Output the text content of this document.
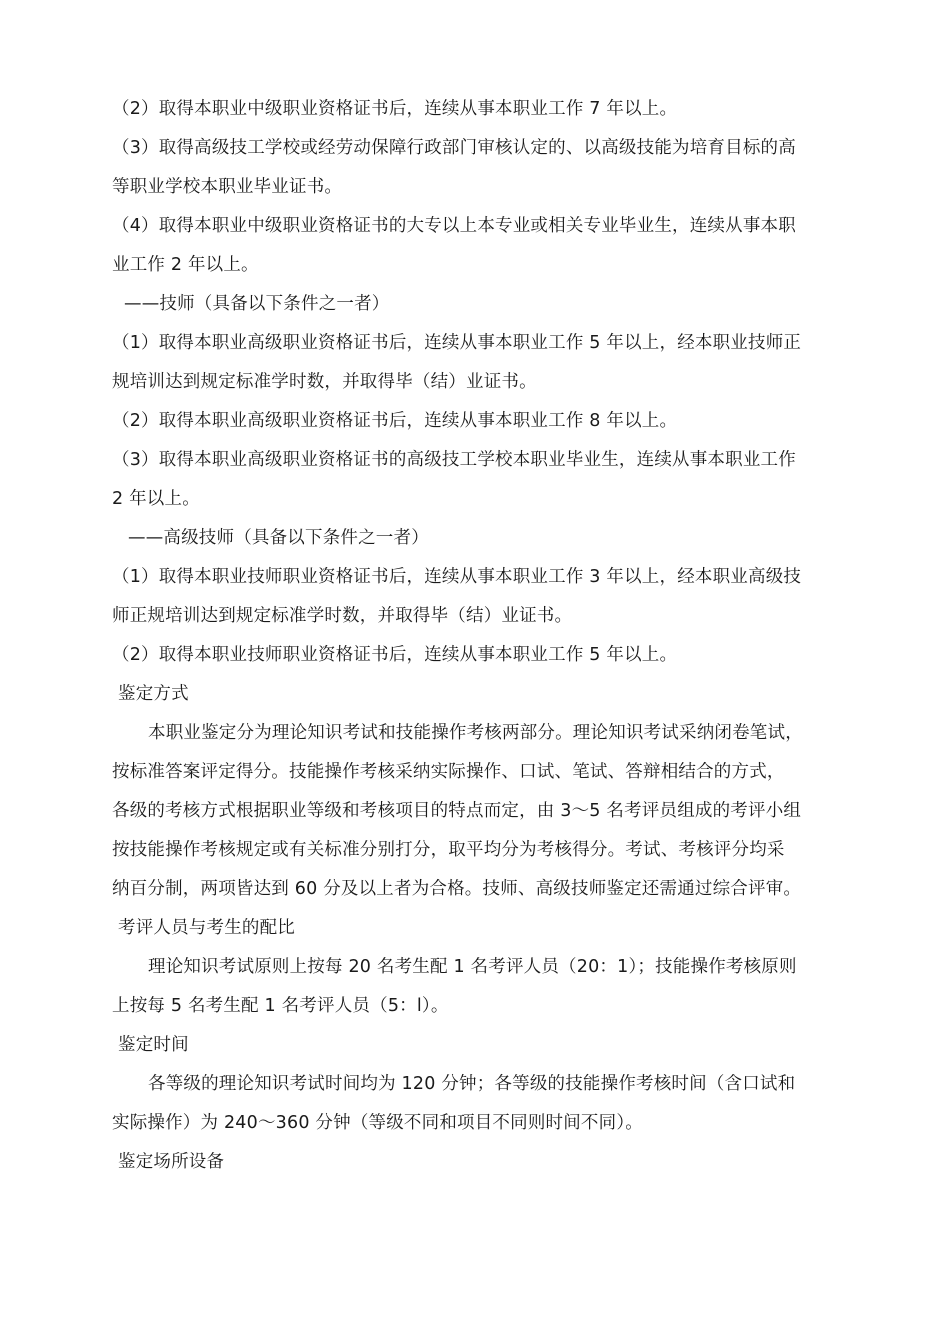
（2）取得本职业中级职业资格证书后，连续从事本职业工作 7 年以上。
（3）取得高级技工学校或经劳动保障行政部门审核认定的、以高级技能为培育目标的高
等职业学校本职业毕业证书。
（4）取得本职业中级职业资格证书的大专以上本专业或相关专业毕业生，连续从事本职
业工作 2 年以上。
——技师（具备以下条件之一者）
（1）取得本职业高级职业资格证书后，连续从事本职业工作 5 年以上，经本职业技师正
规培训达到规定标准学时数，并取得毕（结）业证书。
（2）取得本职业高级职业资格证书后，连续从事本职业工作 8 年以上。
（3）取得本职业高级职业资格证书的高级技工学校本职业毕业生，连续从事本职业工作
2 年以上。
——高级技师（具备以下条件之一者）
（1）取得本职业技师职业资格证书后，连续从事本职业工作 3 年以上，经本职业高级技
师正规培训达到规定标准学时数，并取得毕（结）业证书。
（2）取得本职业技师职业资格证书后，连续从事本职业工作 5 年以上。
鉴定方式
本职业鉴定分为理论知识考试和技能操作考核两部分。理论知识考试采纳闭卷笔试，
按标准答案评定得分。技能操作考核采纳实际操作、口试、笔试、答辩相结合的方式，
各级的考核方式根据职业等级和考核项目的特点而定，由 3～5 名考评员组成的考评小组
按技能操作考核规定或有关标准分别打分，取平均分为考核得分。考试、考核评分均采
纳百分制，两项皆达到 60 分及以上者为合格。技师、高级技师鉴定还需通过综合评审。
考评人员与考生的配比
理论知识考试原则上按每 20 名考生配 1 名考评人员（20：1）；技能操作考核原则
上按每 5 名考生配 1 名考评人员（5：l）。
鉴定时间
各等级的理论知识考试时间均为 120 分钟；各等级的技能操作考核时间（含口试和
实际操作）为 240～360 分钟（等级不同和项目不同则时间不同）。
鉴定场所设备
